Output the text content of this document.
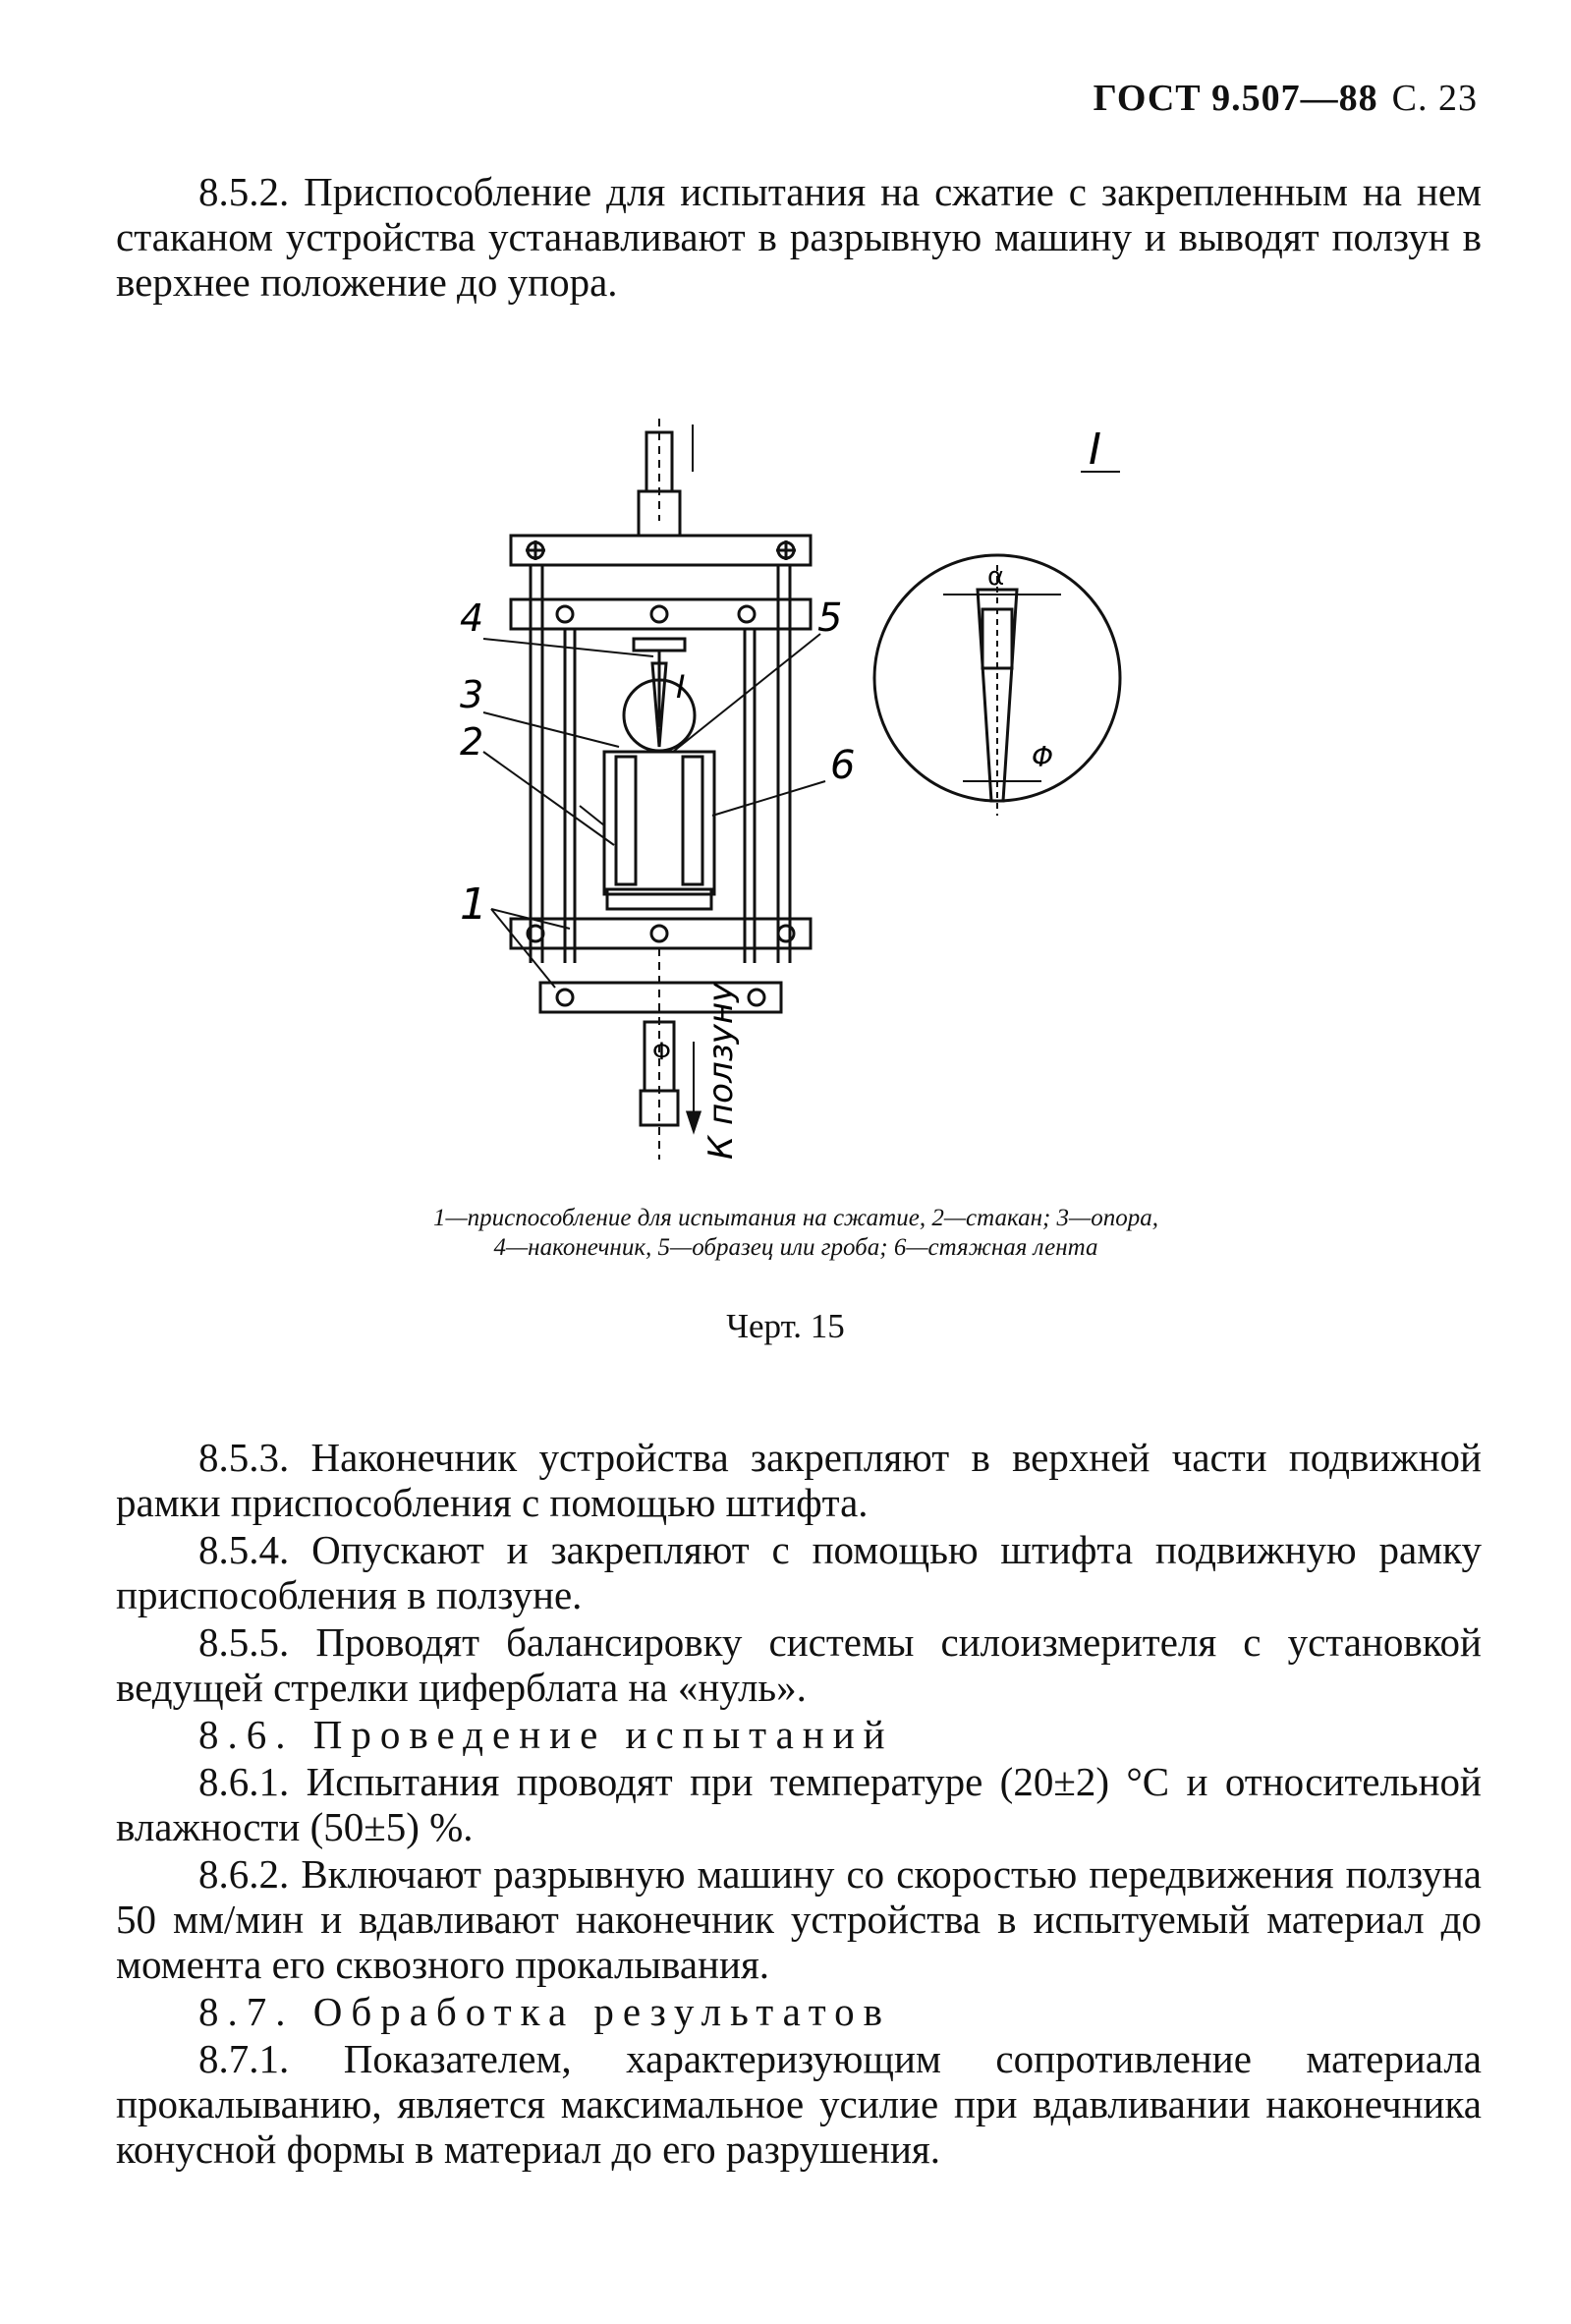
ГОСТ 9.507—88 С. 23

8.5.2. Приспособление для испытания на сжатие с закрепленным на нем стаканом устройства устанавливают в разрывную машину и выводят ползун в верхнее положение до упора.

4
3
2
1
5
6
I
I
α
Φ
Φ К ползуну
1—приспособление для испытания на сжатие, 2—стакан; 3—опора, 4—наконечник, 5—образец или гроба; 6—стяжная лента
Черт. 15

8.5.3. Наконечник устройства закрепляют в верхней части подвижной рамки приспособления с помощью штифта.

8.5.4. Опускают и закрепляют с помощью штифта подвижную рамку приспособления в ползуне.

8.5.5. Проводят балансировку системы силоизмерителя с установкой ведущей стрелки циферблата на «нуль».

8.6. Проведение испытаний

8.6.1. Испытания проводят при температуре (20±2) °С и относительной влажности (50±5) %.

8.6.2. Включают разрывную машину со скоростью передвижения ползуна 50 мм/мин и вдавливают наконечник устройства в испытуемый материал до момента его сквозного прокалывания.

8.7. Обработка результатов

8.7.1. Показателем, характеризующим сопротивление материала прокалыванию, является максимальное усилие при вдавливании наконечника конусной формы в материал до его разрушения.
